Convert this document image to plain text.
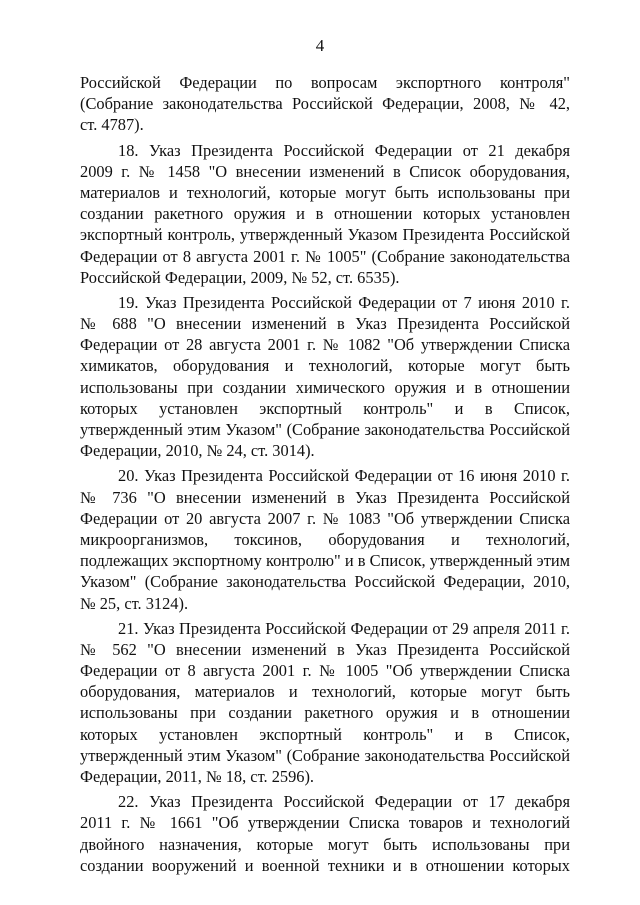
4
Российской Федерации по вопросам экспортного контроля"
(Собрание законодательства Российской Федерации, 2008, № 42,
ст. 4787).
18. Указ Президента Российской Федерации от 21 декабря
2009 г. № 1458 "О внесении изменений в Список оборудования,
материалов и технологий, которые могут быть использованы при
создании ракетного оружия и в отношении которых установлен
экспортный контроль, утвержденный Указом Президента Российской
Федерации от 8 августа 2001 г. № 1005" (Собрание законодательства
Российской Федерации, 2009, № 52, ст. 6535).
19. Указ Президента Российской Федерации от 7 июня 2010 г.
№ 688 "О внесении изменений в Указ Президента Российской
Федерации от 28 августа 2001 г. № 1082 "Об утверждении Списка
химикатов, оборудования и технологий, которые могут быть
использованы при создании химического оружия и в отношении
которых установлен экспортный контроль" и в Список,
утвержденный этим Указом" (Собрание законодательства Российской
Федерации, 2010, № 24, ст. 3014).
20. Указ Президента Российской Федерации от 16 июня 2010 г.
№ 736 "О внесении изменений в Указ Президента Российской
Федерации от 20 августа 2007 г. № 1083 "Об утверждении Списка
микроорганизмов, токсинов, оборудования и технологий,
подлежащих экспортному контролю" и в Список, утвержденный этим
Указом" (Собрание законодательства Российской Федерации, 2010,
№ 25, ст. 3124).
21. Указ Президента Российской Федерации от 29 апреля 2011 г.
№ 562 "О внесении изменений в Указ Президента Российской
Федерации от 8 августа 2001 г. № 1005 "Об утверждении Списка
оборудования, материалов и технологий, которые могут быть
использованы при создании ракетного оружия и в отношении
которых установлен экспортный контроль" и в Список,
утвержденный этим Указом" (Собрание законодательства Российской
Федерации, 2011, № 18, ст. 2596).
22. Указ Президента Российской Федерации от 17 декабря
2011 г. № 1661 "Об утверждении Списка товаров и технологий
двойного назначения, которые могут быть использованы при
создании вооружений и военной техники и в отношении которых
